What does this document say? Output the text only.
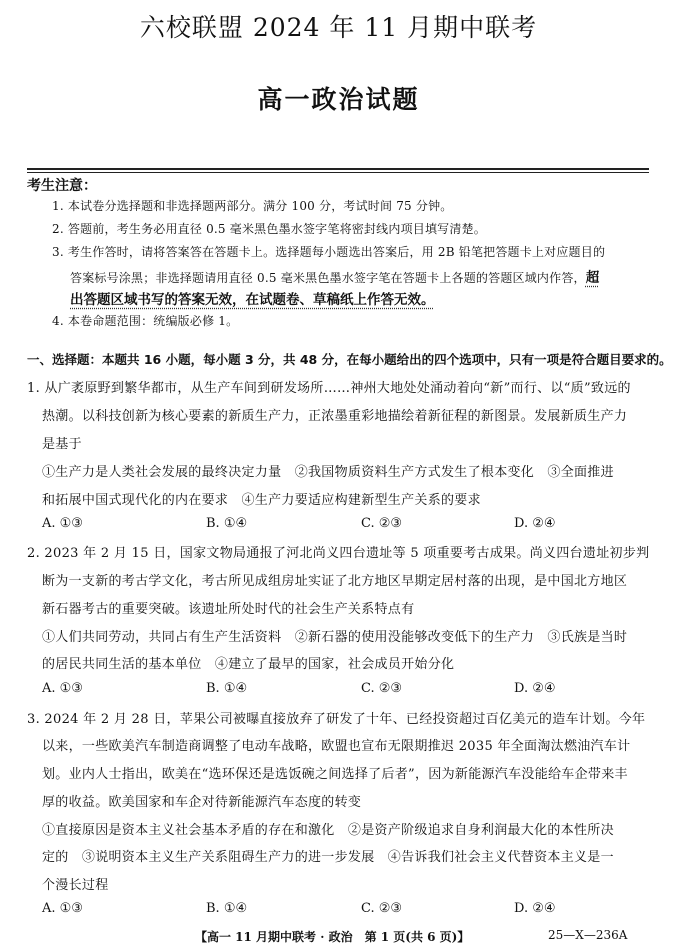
六校联盟 2024 年 11 月期中联考
高一政治试题
考生注意：
1. 本试卷分选择题和非选择题两部分。满分 100 分，考试时间 75 分钟。
2. 答题前，考生务必用直径 0.5 毫米黑色墨水签字笔将密封线内项目填写清楚。
3. 考生作答时，请将答案答在答题卡上。选择题每小题选出答案后，用 2B 铅笔把答题卡上对应题目的
答案标号涂黑；非选择题请用直径 0.5 毫米黑色墨水签字笔在答题卡上各题的答题区域内作答，超
出答题区域书写的答案无效，在试题卷、草稿纸上作答无效。
4. 本卷命题范围：统编版必修 1。
一、选择题：本题共 16 小题，每小题 3 分，共 48 分，在每小题给出的四个选项中，只有一项是符合题目要求的。
1. 从广袤原野到繁华都市，从生产车间到研发场所……神州大地处处涌动着向“新”而行、以“质”致远的
热潮。以科技创新为核心要素的新质生产力，正浓墨重彩地描绘着新征程的新图景。发展新质生产力
是基于
①生产力是人类社会发展的最终决定力量　②我国物质资料生产方式发生了根本变化　③全面推进
和拓展中国式现代化的内在要求　④生产力要适应构建新型生产关系的要求
A. ①③	B. ①④	C. ②③	D. ②④
2. 2023 年 2 月 15 日，国家文物局通报了河北尚义四台遗址等 5 项重要考古成果。尚义四台遗址初步判
断为一支新的考古学文化，考古所见成组房址实证了北方地区早期定居村落的出现，是中国北方地区
新石器考古的重要突破。该遗址所处时代的社会生产关系特点有
①人们共同劳动，共同占有生产生活资料　②新石器的使用没能够改变低下的生产力　③氏族是当时
的居民共同生活的基本单位　④建立了最早的国家，社会成员开始分化
A. ①③	B. ①④	C. ②③	D. ②④
3. 2024 年 2 月 28 日，苹果公司被曝直接放弃了研发了十年、已经投资超过百亿美元的造车计划。今年
以来，一些欧美汽车制造商调整了电动车战略，欧盟也宣布无限期推迟 2035 年全面淘汰燃油汽车计
划。业内人士指出，欧美在“选环保还是选饭碗之间选择了后者”，因为新能源汽车没能给车企带来丰
厚的收益。欧美国家和车企对待新能源汽车态度的转变
①直接原因是资本主义社会基本矛盾的存在和激化　②是资产阶级追求自身利润最大化的本性所决
定的　③说明资本主义生产关系阻碍生产力的进一步发展　④告诉我们社会主义代替资本主义是一
个漫长过程
A. ①③	B. ①④	C. ②③	D. ②④
【高一 11 月期中联考 · 政治　第 1 页(共 6 页)】	25—X—236A
